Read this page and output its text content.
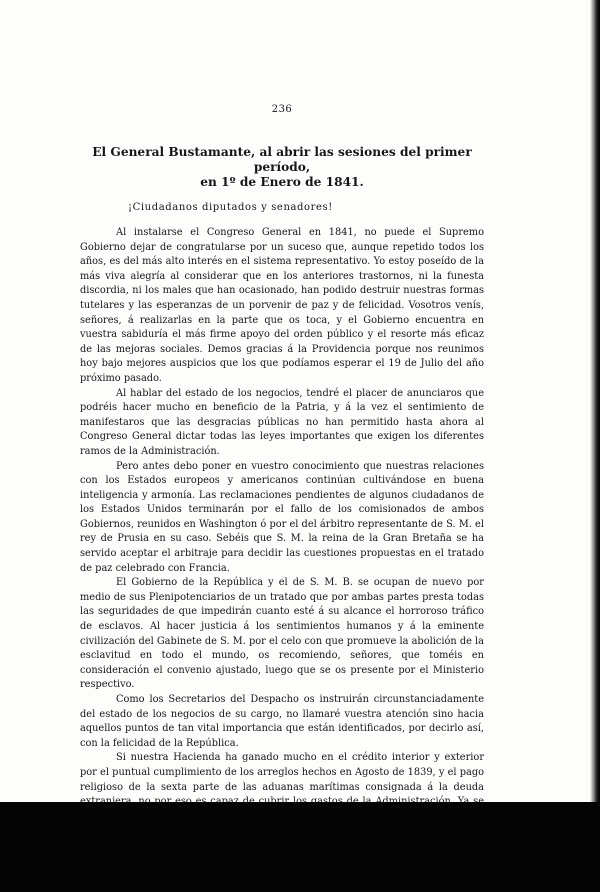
236
El General Bustamante, al abrir las sesiones del primer período,
en 1º de Enero de 1841.
¡Ciudadanos diputados y senadores!

Al instalarse el Congreso General en 1841, no puede el Supremo Gobierno dejar de congratularse por un suceso que, aunque repetido todos los años, es del más alto interés en el sistema representativo. Yo estoy poseído de la más viva alegría al considerar que en los anteriores trastornos, ni la funesta discordia, ni los males que han ocasionado, han podido destruir nuestras formas tutelares y las esperanzas de un porvenir de paz y de felicidad. Vosotros venís, señores, á realizarlas en la parte que os toca, y el Gobierno encuentra en vuestra sabiduría el más firme apoyo del orden público y el resorte más eficaz de las mejoras sociales. Demos gracias á la Providencia porque nos reunimos hoy bajo mejores auspicios que los que podíamos esperar el 19 de Julio del año próximo pasado.

Al hablar del estado de los negocios, tendré el placer de anunciaros que podréis hacer mucho en beneficio de la Patria, y á la vez el sentimiento de manifestaros que las desgracias públicas no han permitido hasta ahora al Congreso General dictar todas las leyes importantes que exigen los diferentes ramos de la Administración.

Pero antes debo poner en vuestro conocimiento que nuestras relaciones con los Estados europeos y americanos continúan cultivándose en buena inteligencia y armonía. Las reclamaciones pendientes de algunos ciudadanos de los Estados Unidos terminarán por el fallo de los comisionados de ambos Gobiernos, reunidos en Washington ó por el del árbitro representante de S. M. el rey de Prusia en su caso. Sebéis que S. M. la reina de la Gran Bretaña se ha servido aceptar el arbitraje para decidir las cuestiones propuestas en el tratado de paz celebrado con Francia.

El Gobierno de la República y el de S. M. B. se ocupan de nuevo por medio de sus Plenipotenciarios de un tratado que por ambas partes presta todas las seguridades de que impedirán cuanto esté á su alcance el horroroso tráfico de esclavos. Al hacer justicia á los sentimientos humanos y á la eminente civilización del Gabinete de S. M. por el celo con que promueve la abolición de la esclavitud en todo el mundo, os recomiendo, señores, que toméis en consideración el convenio ajustado, luego que se os presente por el Ministerio respectivo.

Como los Secretarios del Despacho os instruirán circunstanciadamente del estado de los negocios de su cargo, no llamaré vuestra atención sino hacia aquellos puntos de tan vital importancia que están identificados, por decirlo así, con la felicidad de la República.

Si nuestra Hacienda ha ganado mucho en el crédito interior y exterior por el puntual cumplimiento de los arreglos hechos en Agosto de 1839, y el pago religioso de la sexta parte de las aduanas marítimas consignada á la deuda
